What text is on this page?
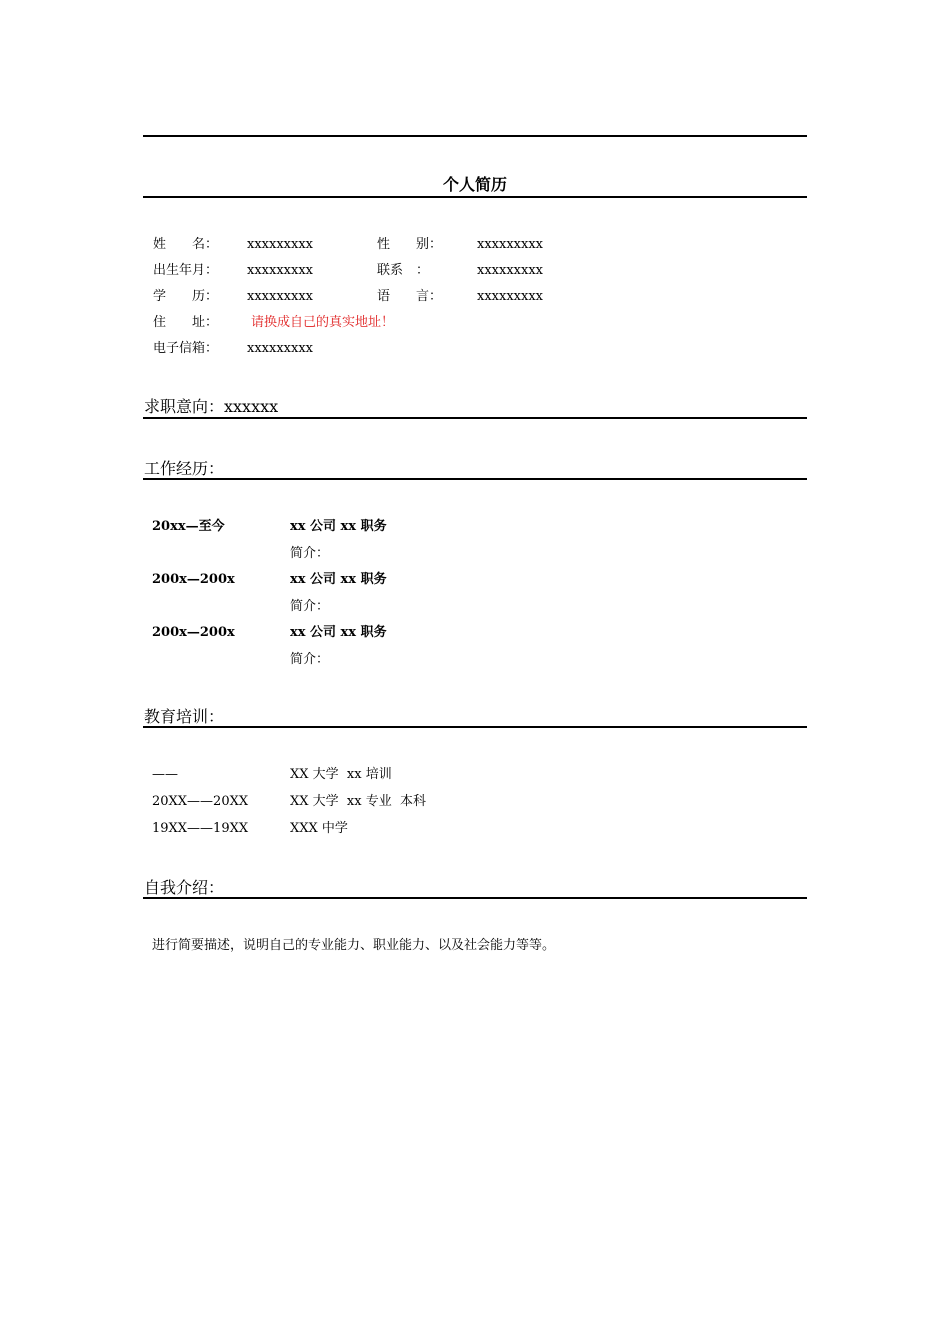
个人简历
姓　　名： xxxxxxxxx	性　　别：	xxxxxxxxx
出生年月： xxxxxxxxx	联系　：	xxxxxxxxx
学　　历： xxxxxxxxx	语　　言：	xxxxxxxxx
住　　址：	请换成自己的真实地址！
电子信箱： xxxxxxxxx
求职意向：xxxxxx
工作经历：
20xx—至今	xx 公司 xx 职务
简介：
200x—200x	xx 公司 xx 职务
简介：
200x—200x	xx 公司 xx 职务
简介：
教育培训：
——	XX 大学  xx 培训
20XX——20XX	XX 大学  xx 专业  本科
19XX——19XX	XXX 中学
自我介绍：
进行简要描述，说明自己的专业能力、职业能力、以及社会能力等等。
